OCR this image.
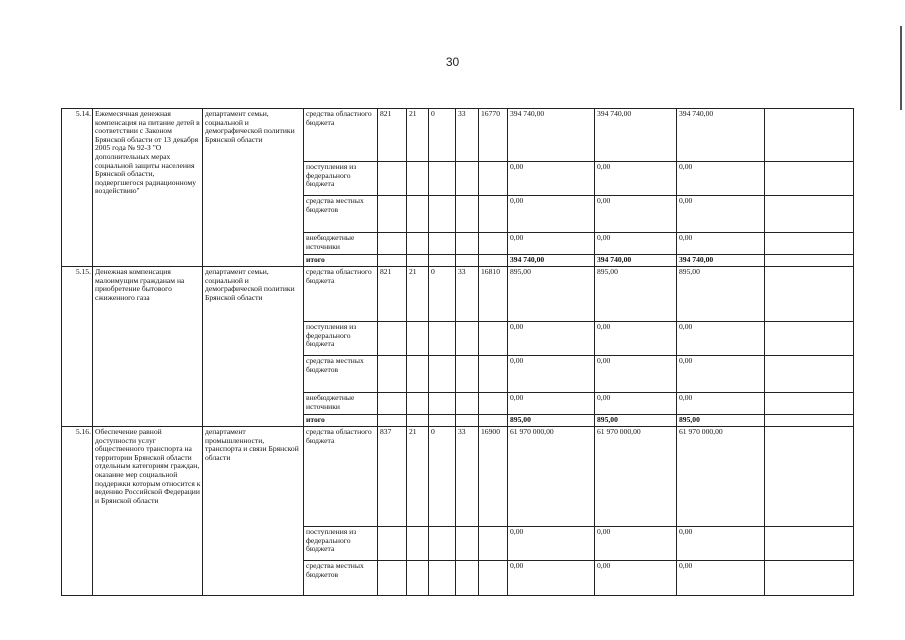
30
5.14.	Ежемесячная денежная компенсация на питание детей в соответствии с Законом Брянской области от 13 декабря 2005 года № 92-З "О дополнительных мерах социальной защиты населения Брянской области, подвергшегося радиационному воздействию"	департамент семьи, социальной и демографической политики Брянской области	средства областного бюджета	821	21	0	33	16770	394 740,00	394 740,00	394 740,00	
			поступления из федерального бюджета						0,00	0,00	0,00	
			средства местных бюджетов						0,00	0,00	0,00	
			внебюджетные источники						0,00	0,00	0,00	
			итого						394 740,00	394 740,00	394 740,00	
5.15.	Денежная компенсация малоимущим гражданам на приобретение бытового сжиженного газа	департамент семьи, социальной и демографической политики Брянской области	средства областного бюджета	821	21	0	33	16810	895,00	895,00	895,00	
			поступления из федерального бюджета						0,00	0,00	0,00	
			средства местных бюджетов						0,00	0,00	0,00	
			внебюджетные источники						0,00	0,00	0,00	
			итого						895,00	895,00	895,00	
5.16.	Обеспечение равной доступности услуг общественного транспорта на территории Брянской области отдельным категориям граждан, оказание мер социальной поддержки которым относится к ведению Российской Федерации и Брянской области	департамент промышленности, транспорта и связи Брянской области	средства областного бюджета	837	21	0	33	16900	61 970 000,00	61 970 000,00	61 970 000,00	
			поступления из федерального бюджета						0,00	0,00	0,00	
			средства местных бюджетов						0,00	0,00	0,00	
